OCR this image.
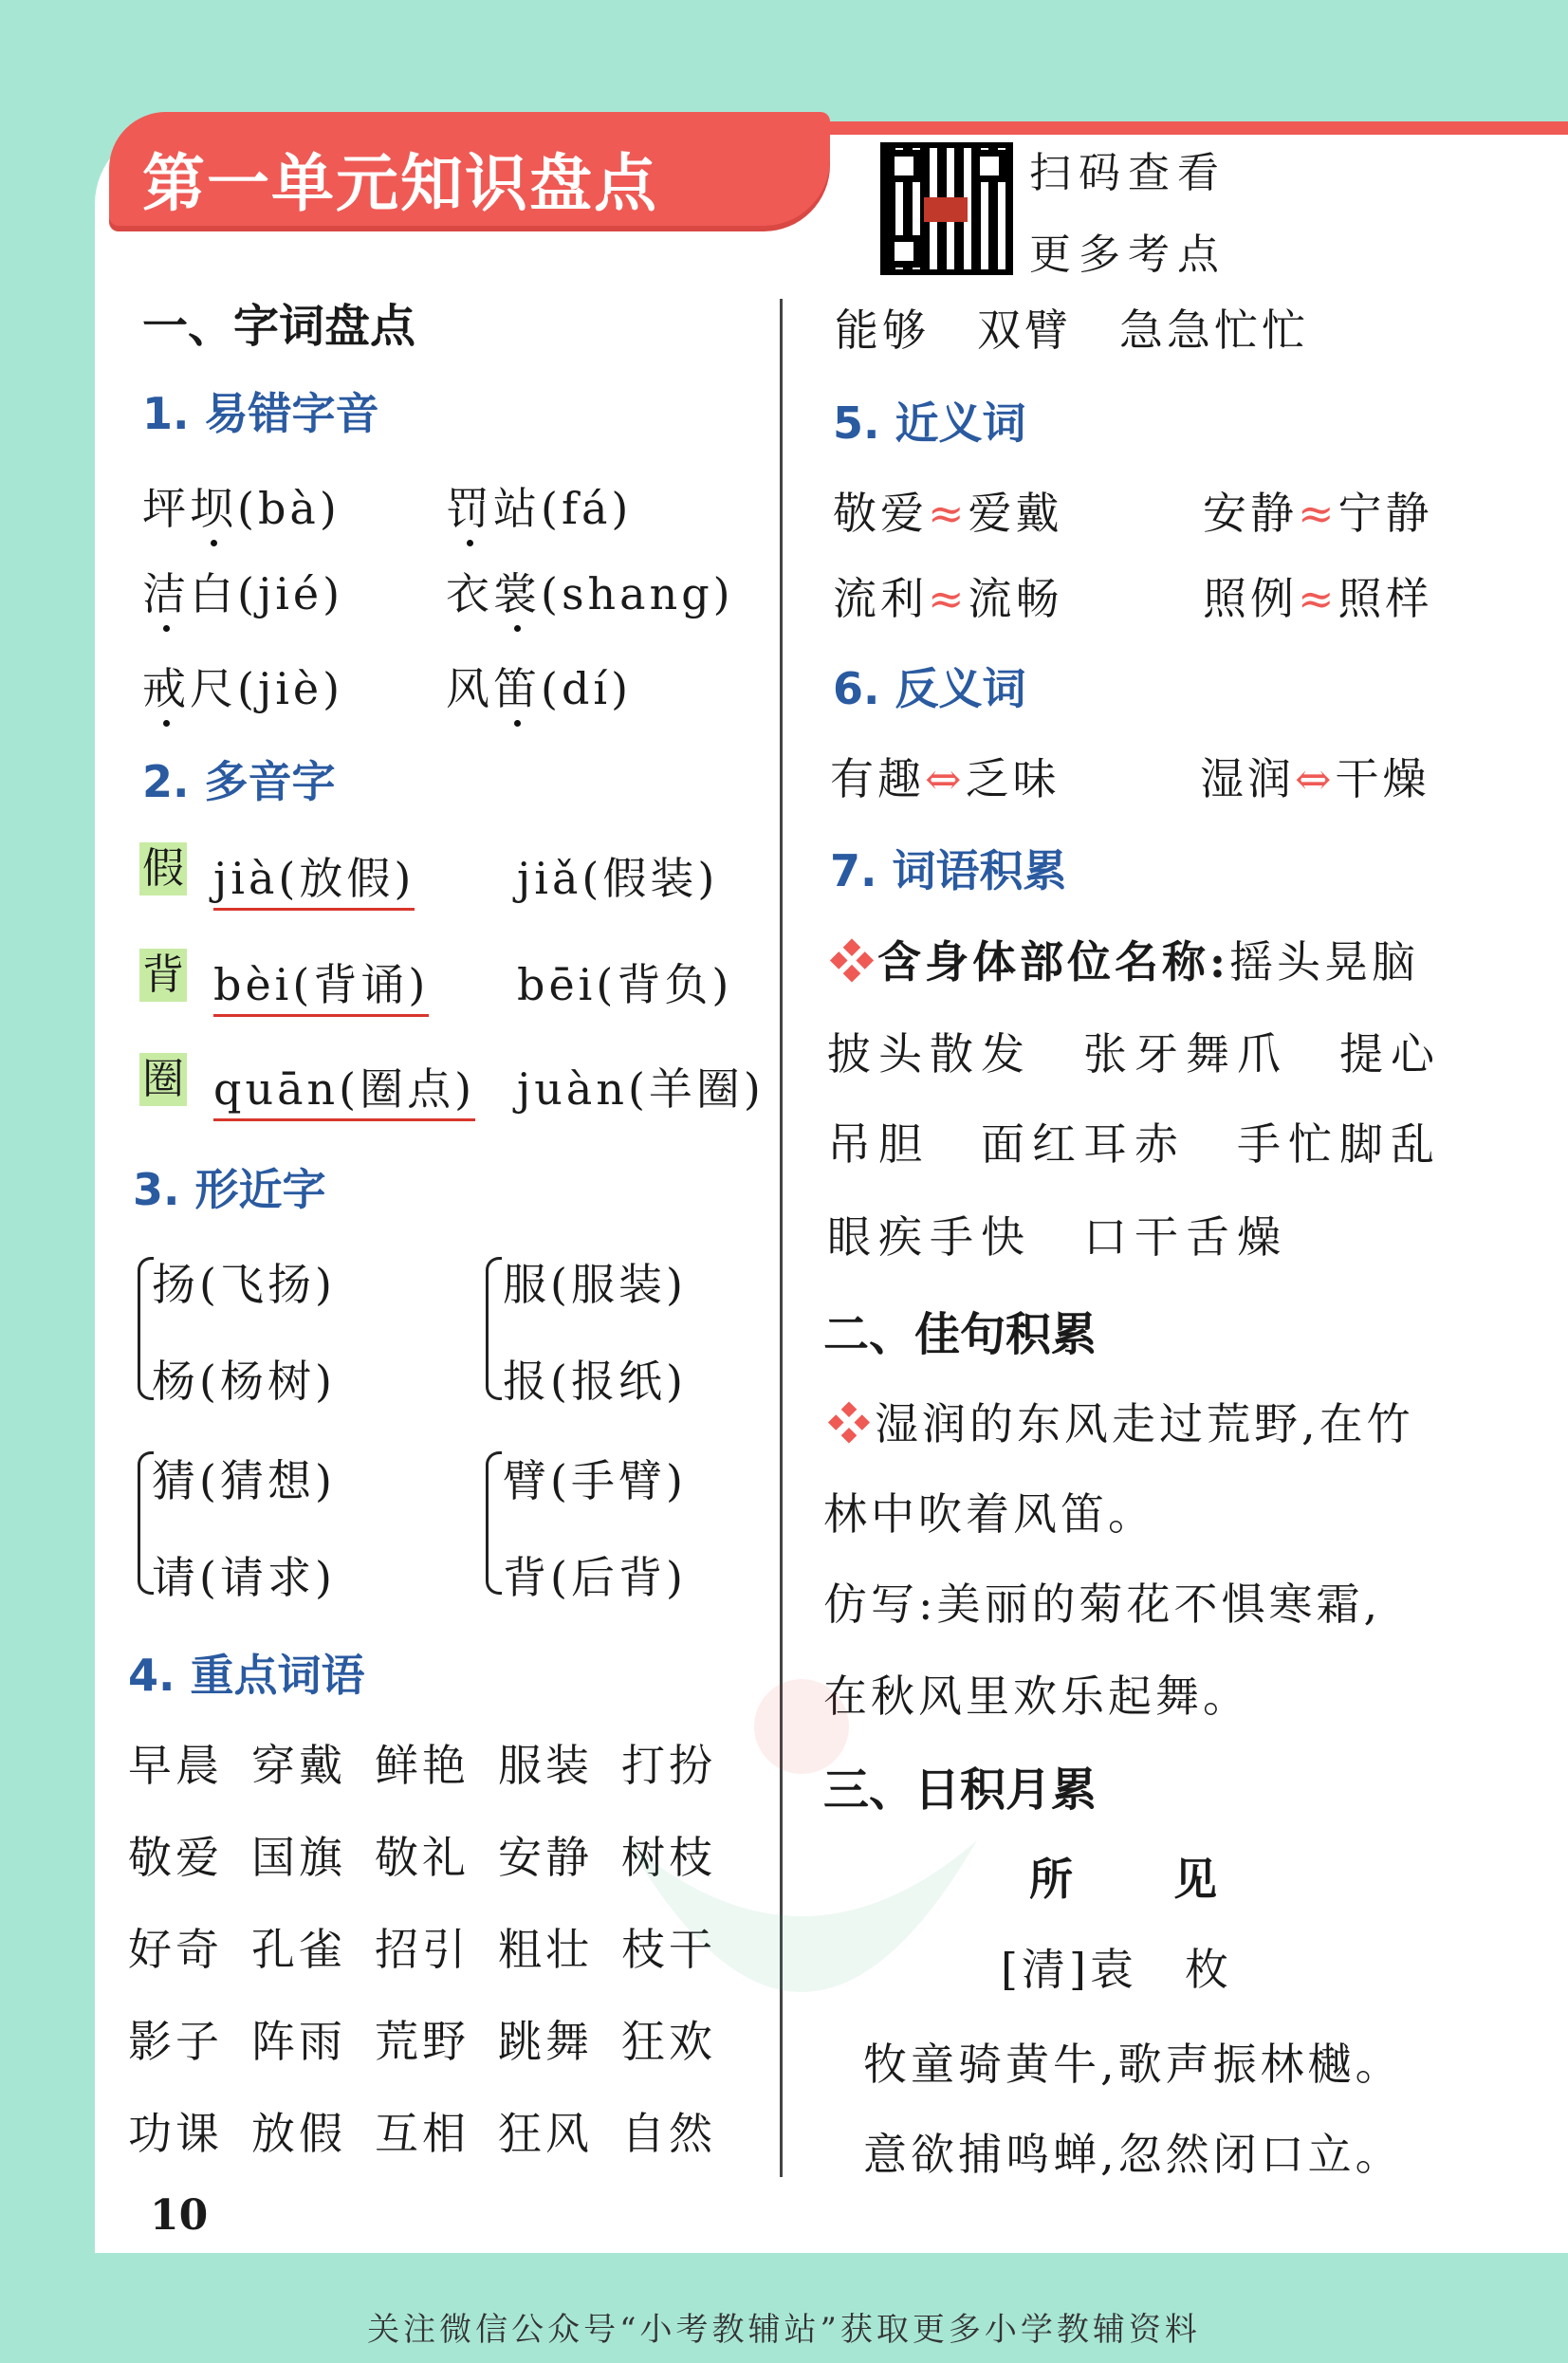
第一单元知识盘点	扫码查看
更多考点
一、字词盘点
1. 易错字音
坪坝(bà) 罚站(fá)
洁白(jié) 衣裳(shang)
戒尺(jiè) 风笛(dí)
2. 多音字
假 jià(放假) jiǎ(假装)
背 bèi(背诵) bēi(背负)
圈 quān(圈点) juàn(羊圈)
3. 形近字
扬(飞扬)
杨(杨树)
服(服装)
报(报纸)
猜(猜想)
请(请求)
臂(手臂)
背(后背)
4. 重点词语
早晨 穿戴 鲜艳 服装 打扮
敬爱 国旗 敬礼 安静 树枝
好奇 孔雀 招引 粗壮 枝干
影子 阵雨 荒野 跳舞 狂欢
功课 放假 互相 狂风 自然
能够　 双臂　 急急忙忙
5. 近义词
敬爱≈爱戴	安静≈宁静
流利≈流畅	照例≈照样
6. 反义词
有趣⇔乏味	湿润⇔干燥
7. 词语积累
❖含身体部位名称:摇头晃脑
披头散发　张牙舞爪　提心
吊胆　面红耳赤　手忙脚乱
眼疾手快　口干舌燥
二、佳句积累
❖湿润的东风走过荒野,在竹
林中吹着风笛。
仿写:美丽的菊花不惧寒霜,
在秋风里欢乐起舞。
三、日积月累
所　见
[清]袁　枚
牧童骑黄牛,歌声振林樾。
意欲捕鸣蝉,忽然闭口立。
10
关注微信公众号“小考教辅站”获取更多小学教辅资料
